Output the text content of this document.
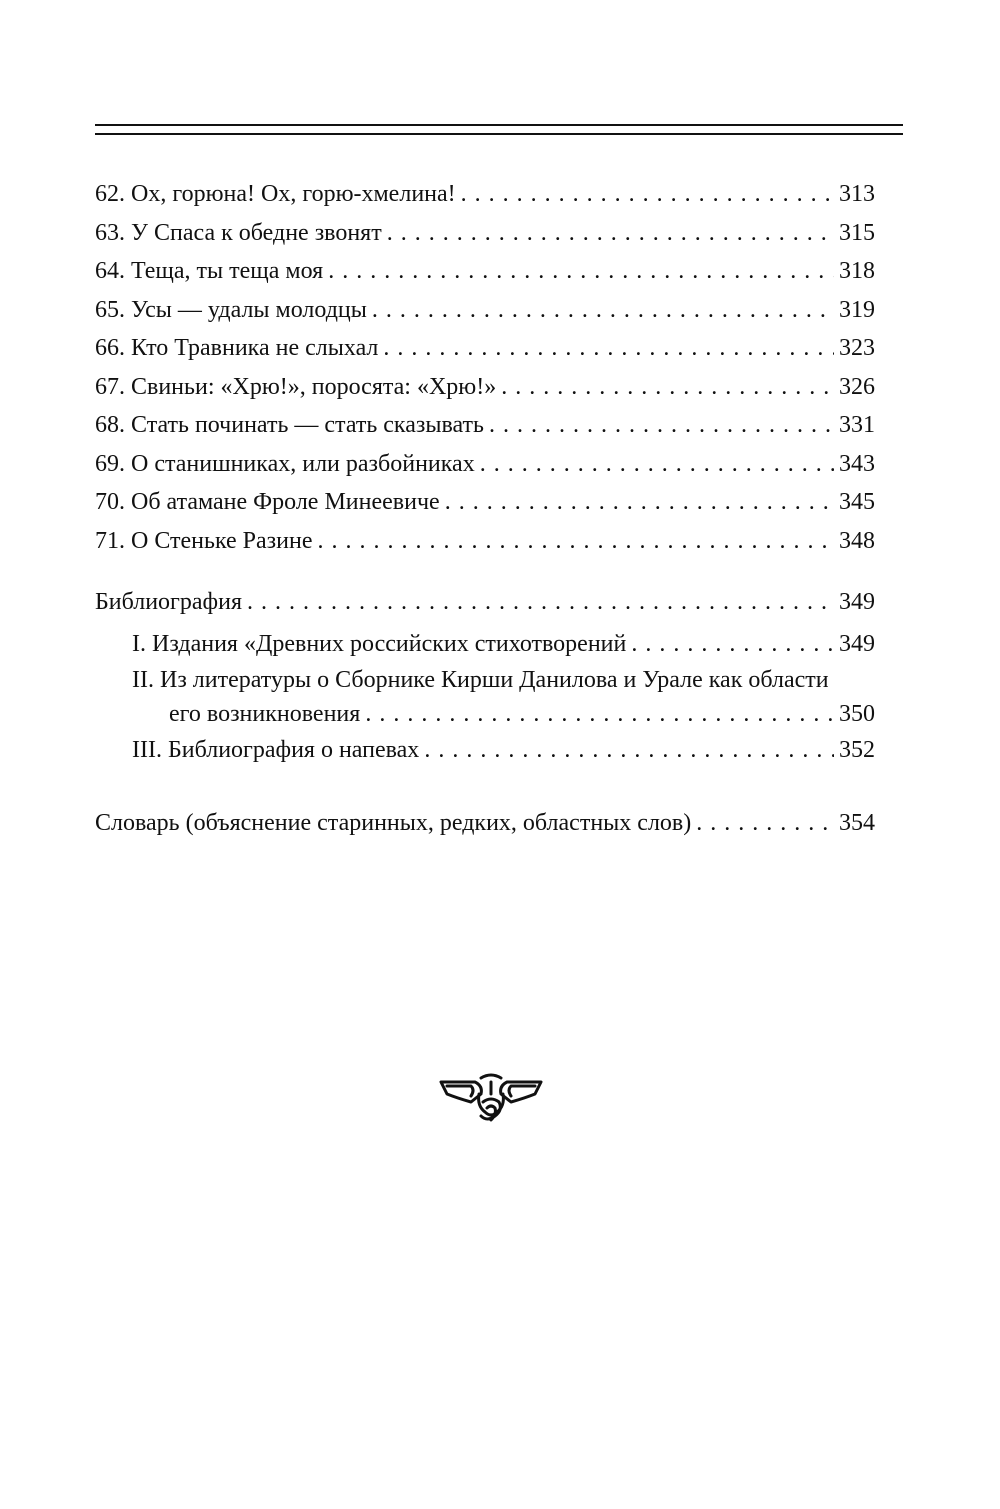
62. Ох, горюна! Ох, горю-хмелина! . . .	313
63. У Спаса к обедне звонят . . .	315
64. Теща, ты теща моя . . .	318
65. Усы — удалы молодцы . . .	319
66. Кто Травника не слыхал . . .	323
67. Свиньи: «Хрю!», поросята: «Хрю!» . . .	326
68. Стать починать — стать сказывать . . .	331
69. О станишниках, или разбойниках . . .	343
70. Об атамане Фроле Минеевиче . . .	345
71. О Стеньке Разине . . .	348
Библиография . . .	349
I. Издания «Древних российских стихотворений . . .	349
II. Из литературы о Сборнике Кирши Данилова и Урале как области
его возникновения . . .	350
III. Библиография о напевах . . .	352
Словарь (объяснение старинных, редких, областных слов) . . .	354
